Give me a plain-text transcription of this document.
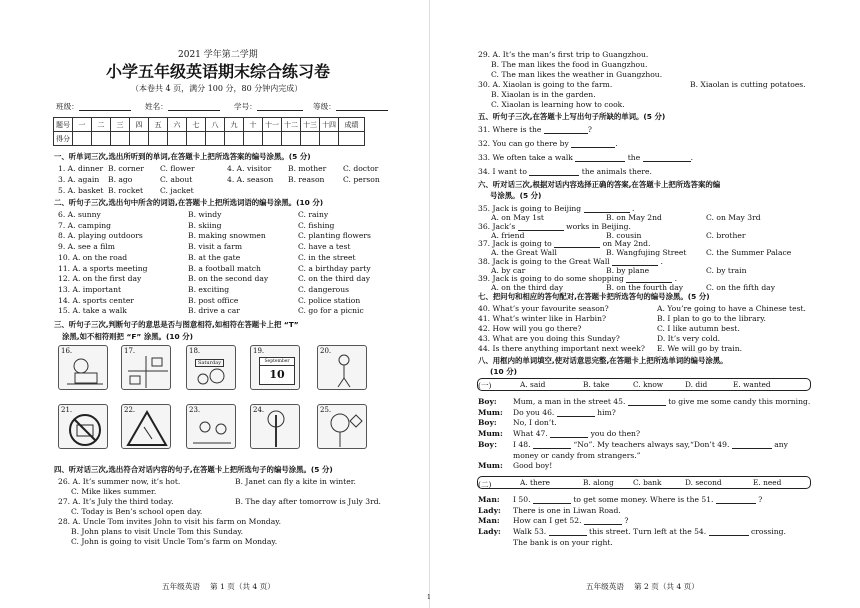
2021 学年第二学期
小学五年级英语期末综合练习卷
（本卷共 4 页，满分 100 分，80 分钟内完成）
班级：	姓名：	学号：	等级：
题号	一	二	三	四	五	六	七	八	九	十	十一	十二	十三	十四	成绩
得分															
一、听单词三次,选出所听到的单词,在答题卡上把所选答案的编号涂黑。(5 分)
1. A. dinner B. corner C. flower	4. A. visitor B. mother C. doctor
3. A. again B. ago	C. about	4. A. season B. reason C. person
5. A. basket B. rocket C. jacket
二、听句子三次,选出句中所含的词语,在答题卡上把所选词语的编号涂黑。(10 分)
6. A. sunny	B. windy	C. rainy
7. A. camping	B. skiing	C. fishing
8. A. playing outdoors	B. making snowmen	C. planting flowers
9. A. see a film	B. visit a farm	C. have a test
10. A. on the road	B. at the gate	C. in the street
11. A. a sports meeting	B. a football match	C. a birthday party
12. A. on the first day	B. on the second day	C. on the third day
13. A. important	B. exciting	C. dangerous
14. A. sports center	B. post office	C. police station
15. A. take a walk	B. drive a car	C. go for a picnic
三、听句子三次,判断句子的意思是否与图意相符,如相符在答题卡上把 “T”
涂黑,如不相符则把 “F” 涂黑。(10 分)
16.	17.	18.
Saturday
19.
September
10
20.
21.	22.	23.	24.	25.
四、听对话三次,选出符合对话内容的句子,在答题卡上把所选句子的编号涂黑。(5 分)
26. A. It’s summer now, it’s hot.	B. Janet can fly a kite in winter.
C. Mike likes summer.
27. A. It’s July the third today.	B. The day after tomorrow is July 3rd.
C. Today is Ben’s school open day.
28. A. Uncle Tom invites John to visit his farm on Monday.
B. John plans to visit Uncle Tom this Sunday.
C. John is going to visit Uncle Tom’s farm on Monday.
五年级英语　 第 1 页（共 4 页）
1
29. A. It’s the man’s first trip to Guangzhou.
B. The man likes the food in Guangzhou.
C. The man likes the weather in Guangzhou.
30. A. Xiaolan is going to the farm.
B. Xiaolan is in the garden.
B. Xiaolan is cutting potatoes.
C. Xiaolan is learning how to cook.
五、听句子三次,在答题卡上写出句子所缺的单词。(5 分)
31. Where is the	?
32. You can go there by	.
33. We often take a walk	the	.
34. I want to	the animals there.
六、听对话三次,根据对话内容选择正确的答案,在答题卡上把所选答案的编
号涂黑。(5 分)
35. Jack is going to Beijing	.
A. on May 1st	B. on May 2nd	C. on May 3rd
36. Jack’s	works in Beijing.
A. friend	B. cousin	C. brother
37. Jack is going to	on May 2nd.
A. the Great Wall	B. Wangfujing Street	C. the Summer Palace
38. Jack is going to the Great Wall	.
A. by car	B. by plane	C. by train
39. Jack is going to do some shopping	.
A. on the third day	B. on the fourth day	C. on the fifth day
七、把问句和相应的答句配对,在答题卡把所选答句的编号涂黑。(5 分)
40. What’s your favourite season?	A. You’re going to have a Chinese test.
41. What’s winter like in Harbin?	B. I plan to go to the library.
42. How will you go there?	C. I like autumn best.
43. What are you doing this Sunday?	D. It’s very cold.
44. Is there anything important next week? E. We will go by train.
八、用框内的单词填空,使对话意思完整,在答题卡上把所选单词的编号涂黑。
(10 分)
(一)	A. said	B. take	C. know	D. did	E. wanted
Boy: Mum, a man in the street 45.	to give me some candy this morning.
Mum: Do you 46.	him?
Boy: No, I don’t.
Mum: What 47.	you do then?
Boy： I 48.	“No”. My teachers always say,“Don’t 49.	any
money or candy from strangers.”
Mum: Good boy!
(二)	A. there	B. along	C. bank	D. second	E. need
Man: I 50.	to get some money. Where is the 51.	?
Lady: There is one in Liwan Road.
Man: How can I get 52.	?
Lady: Walk 53.	this street. Turn left at the 54.	crossing.
The bank is on your right.
五年级英语　 第 2 页（共 4 页）
